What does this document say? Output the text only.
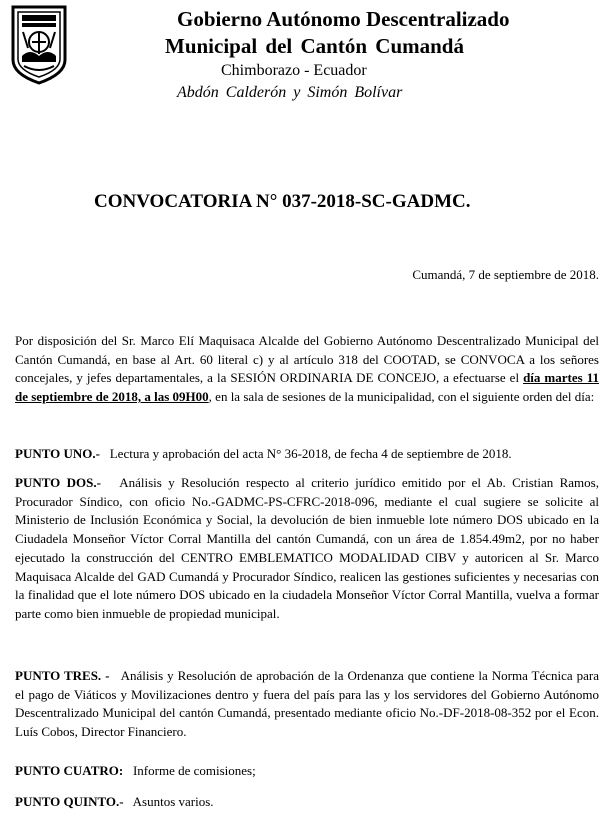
Gobierno Autónomo Descentralizado
Municipal del Cantón Cumandá
Chimborazo - Ecuador
Abdón Calderón y Simón Bolívar
CONVOCATORIA N° 037-2018-SC-GADMC.
Cumandá, 7 de septiembre de 2018.
Por disposición del Sr. Marco Elí Maquisaca Alcalde del Gobierno Autónomo Descentralizado Municipal del Cantón Cumandá, en base al Art. 60 literal c) y al artículo 318 del COOTAD, se CONVOCA a los señores concejales, y jefes departamentales, a la SESIÓN ORDINARIA DE CONCEJO, a efectuarse el día martes 11 de septiembre de 2018, a las 09H00, en la sala de sesiones de la municipalidad, con el siguiente orden del día:
PUNTO UNO.- Lectura y aprobación del acta N° 36-2018, de fecha 4 de septiembre de 2018.
PUNTO DOS.- Análisis y Resolución respecto al criterio jurídico emitido por el Ab. Cristian Ramos, Procurador Síndico, con oficio No.-GADMC-PS-CFRC-2018-096, mediante el cual sugiere se solicite al Ministerio de Inclusión Económica y Social, la devolución de bien inmueble lote número DOS ubicado en la Ciudadela Monseñor Víctor Corral Mantilla del cantón Cumandá, con un área de 1.854.49m2, por no haber ejecutado la construcción del CENTRO EMBLEMATICO MODALIDAD CIBV y autoricen al Sr. Marco Maquisaca Alcalde del GAD Cumandá y Procurador Síndico, realicen las gestiones suficientes y necesarias con la finalidad que el lote número DOS ubicado en la ciudadela Monseñor Víctor Corral Mantilla, vuelva a formar parte como bien inmueble de propiedad municipal.
PUNTO TRES. - Análisis y Resolución de aprobación de la Ordenanza que contiene la Norma Técnica para el pago de Viáticos y Movilizaciones dentro y fuera del país para las y los servidores del Gobierno Autónomo Descentralizado Municipal del cantón Cumandá, presentado mediante oficio No.-DF-2018-08-352 por el Econ. Luís Cobos, Director Financiero.
PUNTO CUATRO: Informe de comisiones;
PUNTO QUINTO.- Asuntos varios.
